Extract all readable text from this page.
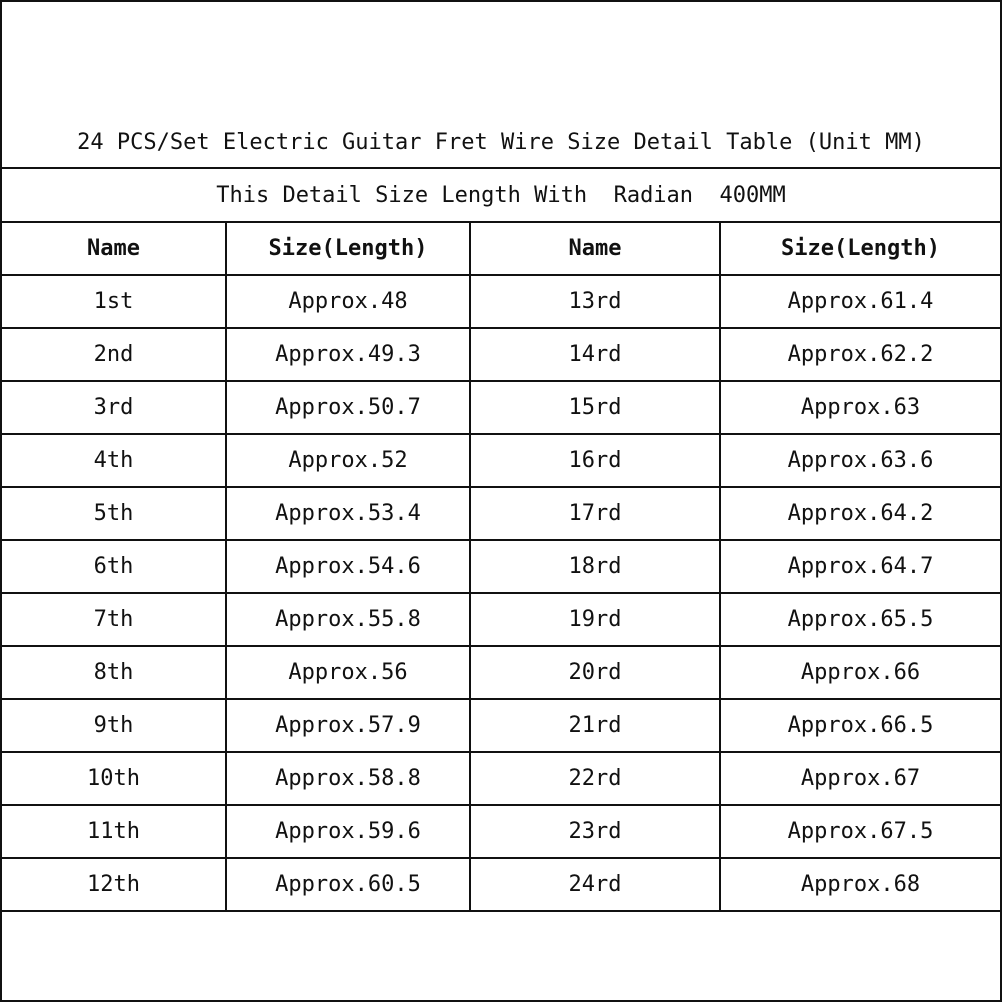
24 PCS/Set Electric Guitar Fret Wire Size Detail Table (Unit MM)
This Detail Size Length With  Radian  400MM
Name	Size(Length)	Name	Size(Length)
1st	Approx.48	13rd	Approx.61.4
2nd	Approx.49.3	14rd	Approx.62.2
3rd	Approx.50.7	15rd	Approx.63
4th	Approx.52	16rd	Approx.63.6
5th	Approx.53.4	17rd	Approx.64.2
6th	Approx.54.6	18rd	Approx.64.7
7th	Approx.55.8	19rd	Approx.65.5
8th	Approx.56	20rd	Approx.66
9th	Approx.57.9	21rd	Approx.66.5
10th	Approx.58.8	22rd	Approx.67
11th	Approx.59.6	23rd	Approx.67.5
12th	Approx.60.5	24rd	Approx.68
